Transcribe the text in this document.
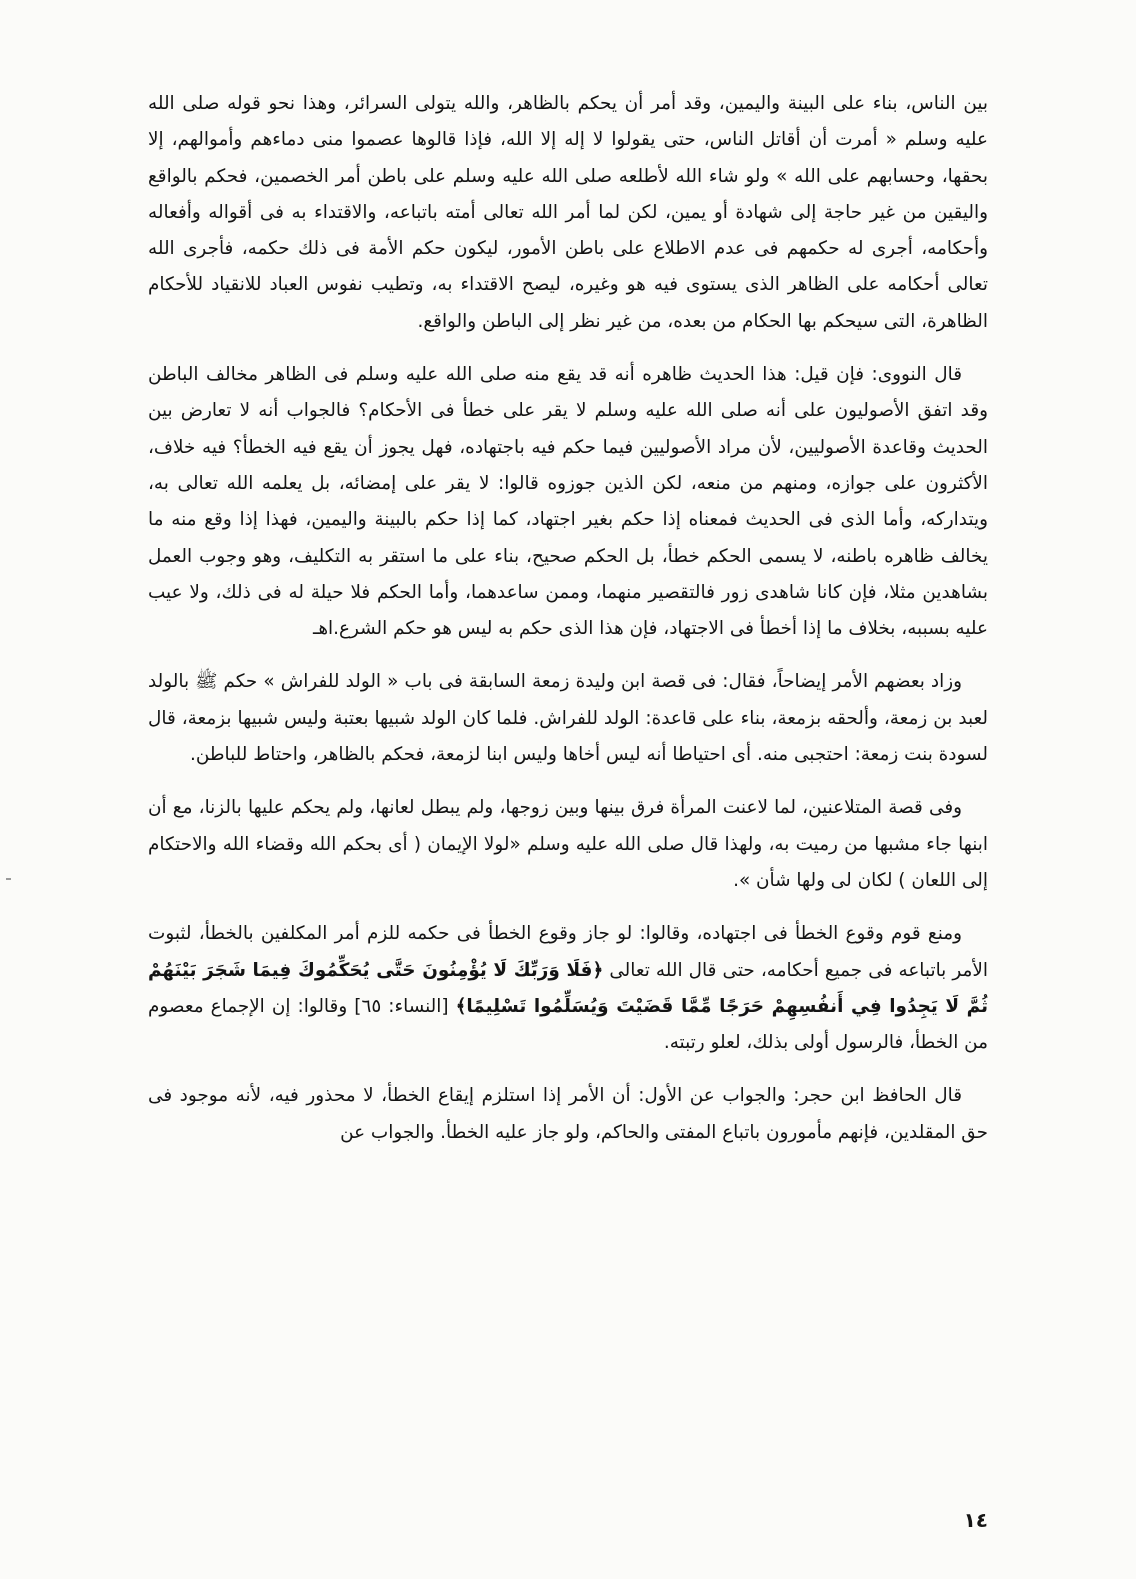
بين الناس، بناء على البينة واليمين، وقد أمر أن يحكم بالظاهر، والله يتولى السرائر، وهذا نحو قوله صلى الله عليه وسلم « أمرت أن أقاتل الناس، حتى يقولوا لا إله إلا الله، فإذا قالوها عصموا منى دماءهم وأموالهم، إلا بحقها، وحسابهم على الله » ولو شاء الله لأطلعه صلى الله عليه وسلم على باطن أمر الخصمين، فحكم بالواقع واليقين من غير حاجة إلى شهادة أو يمين، لكن لما أمر الله تعالى أمته باتباعه، والاقتداء به فى أقواله وأفعاله وأحكامه، أجرى له حكمهم فى عدم الاطلاع على باطن الأمور، ليكون حكم الأمة فى ذلك حكمه، فأجرى الله تعالى أحكامه على الظاهر الذى يستوى فيه هو وغيره، ليصح الاقتداء به، وتطيب نفوس العباد للانقياد للأحكام الظاهرة، التى سيحكم بها الحكام من بعده، من غير نظر إلى الباطن والواقع.

قال النووى: فإن قيل: هذا الحديث ظاهره أنه قد يقع منه صلى الله عليه وسلم فى الظاهر مخالف الباطن وقد اتفق الأصوليون على أنه صلى الله عليه وسلم لا يقر على خطأ فى الأحكام؟ فالجواب أنه لا تعارض بين الحديث وقاعدة الأصوليين، لأن مراد الأصوليين فيما حكم فيه باجتهاده، فهل يجوز أن يقع فيه الخطأ؟ فيه خلاف، الأكثرون على جوازه، ومنهم من منعه، لكن الذين جوزوه قالوا: لا يقر على إمضائه، بل يعلمه الله تعالى به، ويتداركه، وأما الذى فى الحديث فمعناه إذا حكم بغير اجتهاد، كما إذا حكم بالبينة واليمين، فهذا إذا وقع منه ما يخالف ظاهره باطنه، لا يسمى الحكم خطأ، بل الحكم صحيح، بناء على ما استقر به التكليف، وهو وجوب العمل بشاهدين مثلا، فإن كانا شاهدى زور فالتقصير منهما، وممن ساعدهما، وأما الحكم فلا حيلة له فى ذلك، ولا عيب عليه بسببه، بخلاف ما إذا أخطأ فى الاجتهاد، فإن هذا الذى حكم به ليس هو حكم الشرع.اهـ

وزاد بعضهم الأمر إيضاحاً، فقال: فى قصة ابن وليدة زمعة السابقة فى باب « الولد للفراش » حكم ﷺ بالولد لعبد بن زمعة، وألحقه بزمعة، بناء على قاعدة: الولد للفراش. فلما كان الولد شبيها بعتبة وليس شبيها بزمعة، قال لسودة بنت زمعة: احتجبى منه. أى احتياطا أنه ليس أخاها وليس ابنا لزمعة، فحكم بالظاهر، واحتاط للباطن.

وفى قصة المتلاعنين، لما لاعنت المرأة فرق بينها وبين زوجها، ولم يبطل لعانها، ولم يحكم عليها بالزنا، مع أن ابنها جاء مشبها من رميت به، ولهذا قال صلى الله عليه وسلم «لولا الإيمان ( أى بحكم الله وقضاء الله والاحتكام إلى اللعان ) لكان لى ولها شأن ».

ومنع قوم وقوع الخطأ فى اجتهاده، وقالوا: لو جاز وقوع الخطأ فى حكمه للزم أمر المكلفين بالخطأ، لثبوت الأمر باتباعه فى جميع أحكامه، حتى قال الله تعالى ﴿فَلَا وَرَبِّكَ لَا يُؤْمِنُونَ حَتَّى يُحَكِّمُوكَ فِيمَا شَجَرَ بَيْنَهُمْ ثُمَّ لَا يَجِدُوا فِي أَنفُسِهِمْ حَرَجًا مِّمَّا قَضَيْتَ وَيُسَلِّمُوا تَسْلِيمًا﴾ [النساء: ٦٥] وقالوا: إن الإجماع معصوم من الخطأ، فالرسول أولى بذلك، لعلو رتبته.

قال الحافظ ابن حجر: والجواب عن الأول: أن الأمر إذا استلزم إيقاع الخطأ، لا محذور فيه، لأنه موجود فى حق المقلدين، فإنهم مأمورون باتباع المفتى والحاكم، ولو جاز عليه الخطأ. والجواب عن

١٤
